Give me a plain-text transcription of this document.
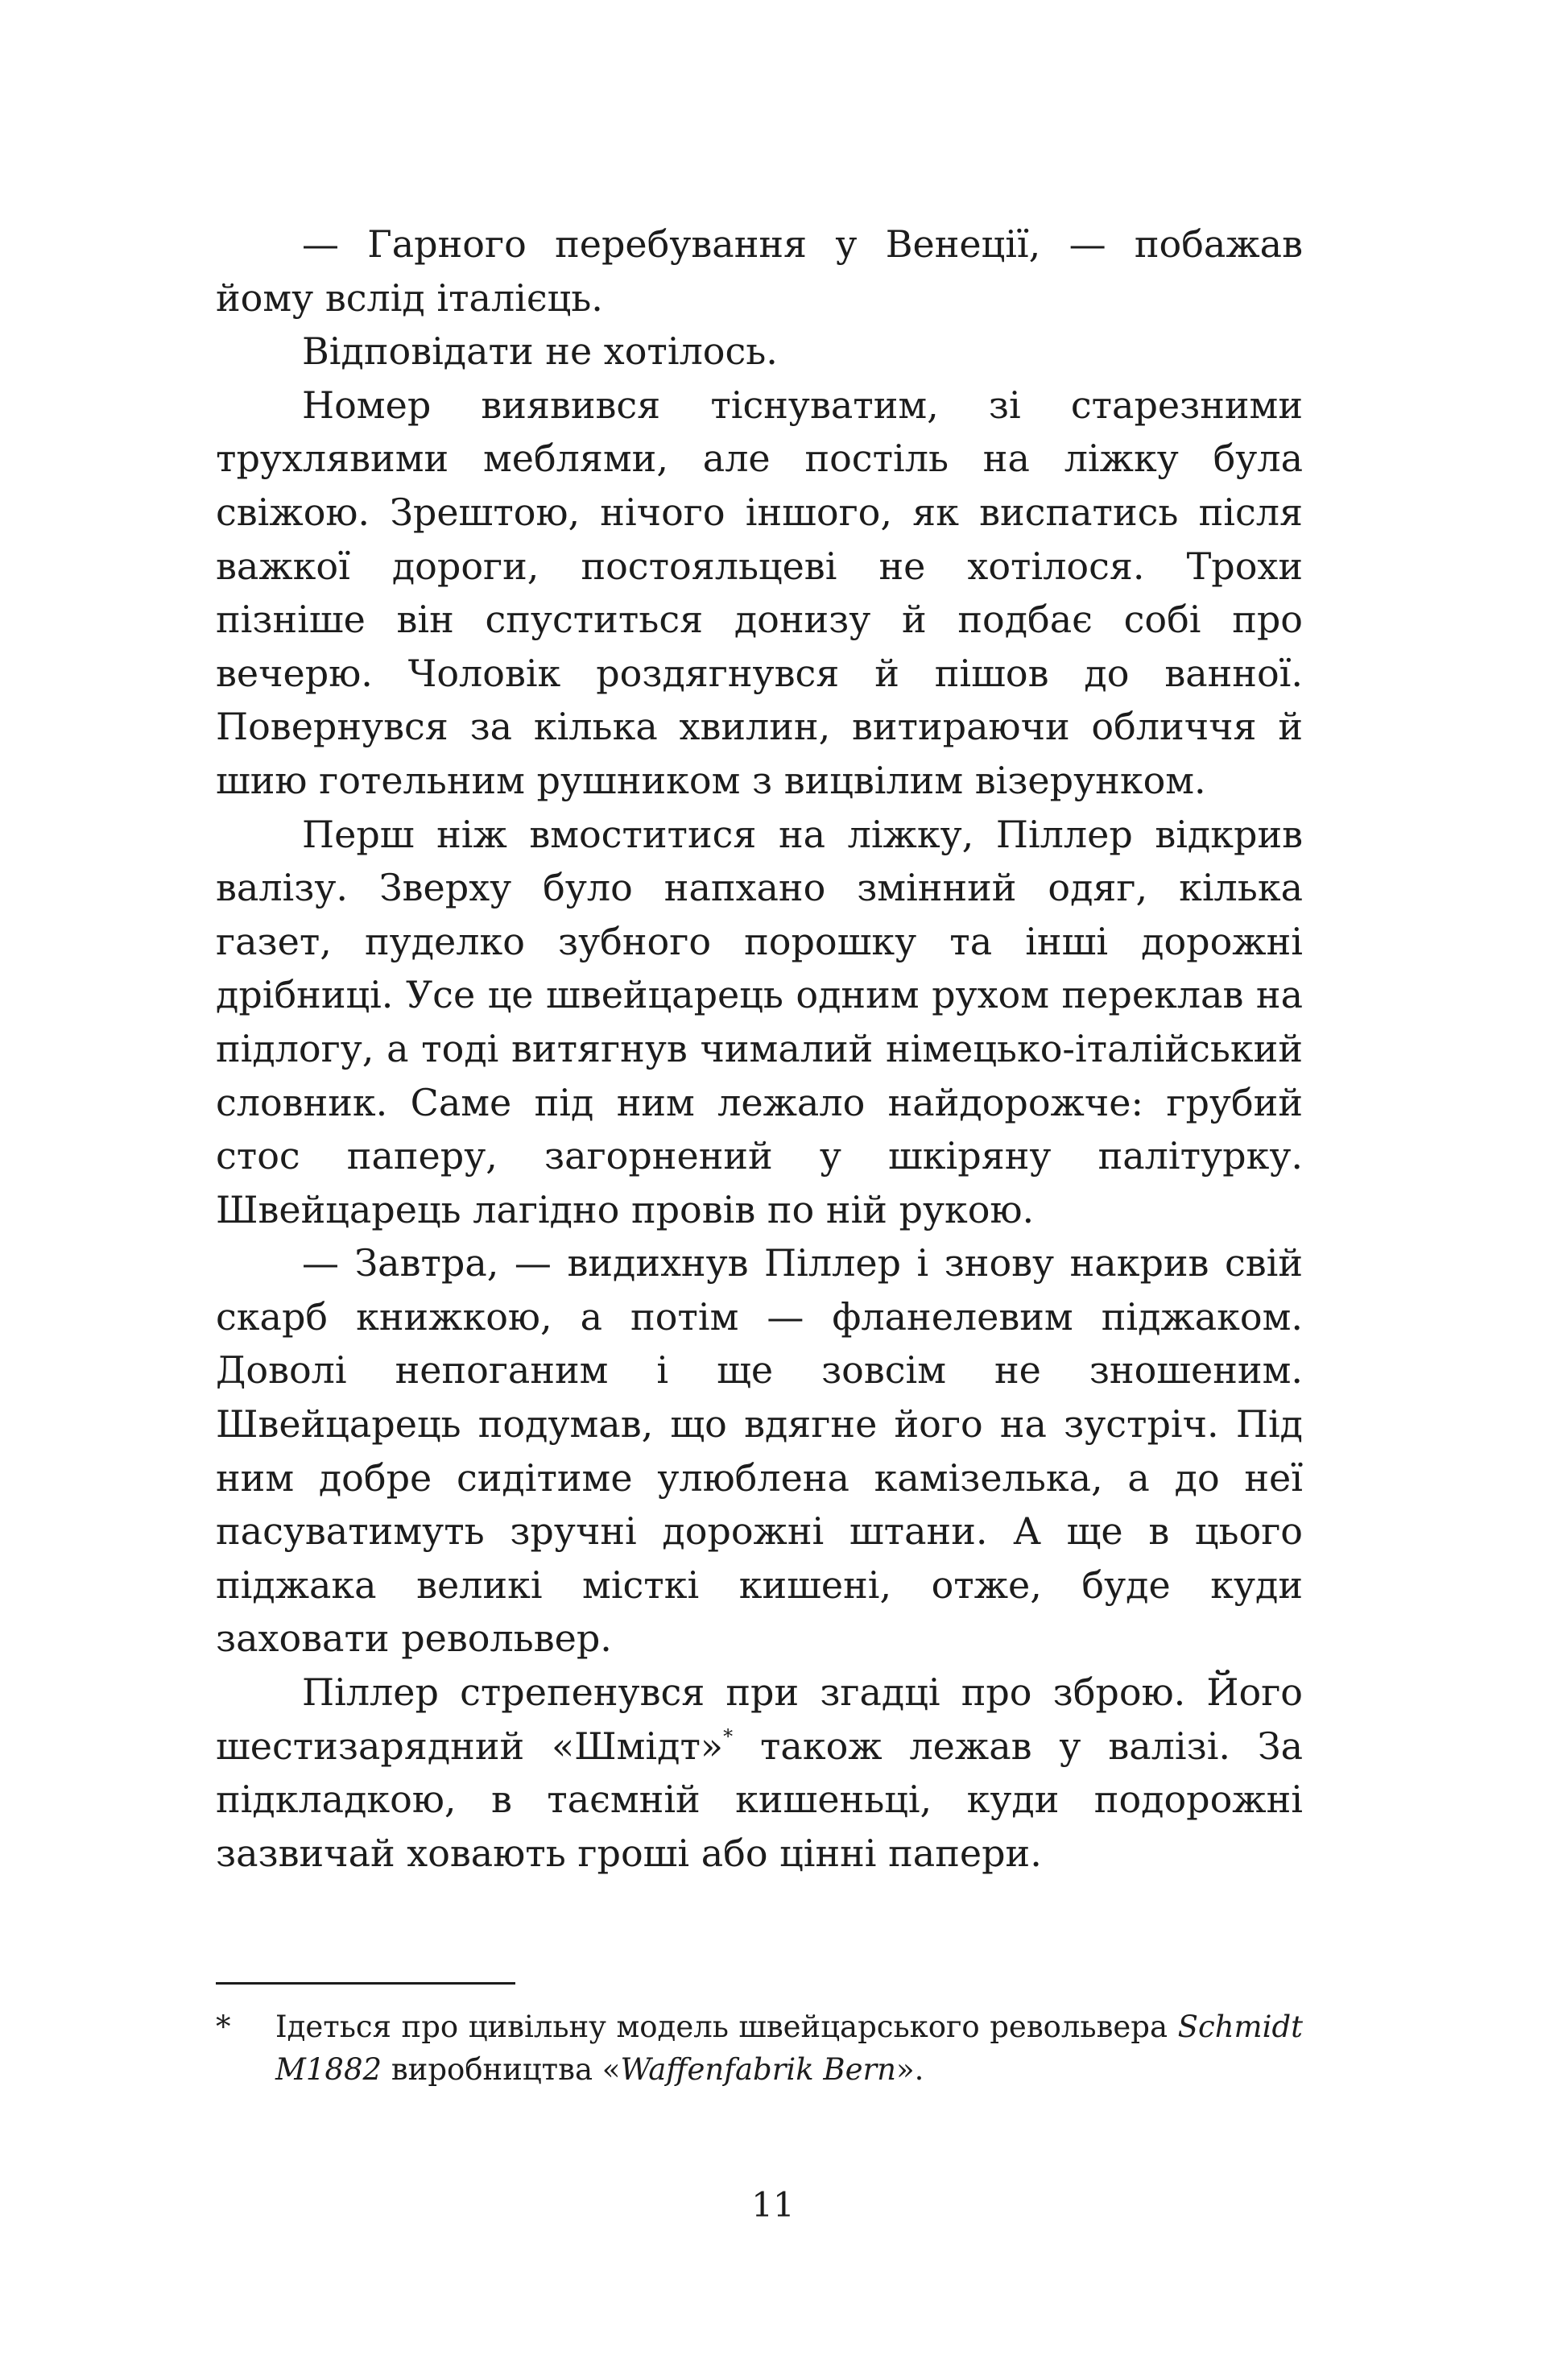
— Гарного перебування у Венеції, — побажав йому вслід італієць.

Відповідати не хотілось.

Номер виявився тіснуватим, зі старезними трухлявими меблями, але постіль на ліжку була свіжою. Зрештою, нічого іншого, як виспатись після важкої дороги, постояльцеві не хотілося. Трохи пізніше він спуститься донизу й подбає собі про вечерю. Чоловік роздягнувся й пішов до ванної. Повернувся за кілька хвилин, витираючи обличчя й шию готельним рушником з вицвілим візерунком.

Перш ніж вмоститися на ліжку, Піллер відкрив валізу. Зверху було напхано змінний одяг, кілька газет, пуделко зубного порошку та інші дорожні дрібниці. Усе це швейцарець одним рухом переклав на підлогу, а тоді витягнув чималий німецько-італійський словник. Саме під ним лежало найдорожче: грубий стос паперу, загорнений у шкіряну палітурку. Швейцарець лагідно провів по ній рукою.

— Завтра, — видихнув Піллер і знову накрив свій скарб книжкою, а потім — фланелевим піджаком. Доволі непоганим і ще зовсім не зношеним. Швейцарець подумав, що вдягне його на зустріч. Під ним добре сидітиме улюблена камізелька, а до неї пасуватимуть зручні дорожні штани. А ще в цього піджака великі місткі кишені, отже, буде куди заховати револьвер.

Піллер стрепенувся при згадці про зброю. Його шестизарядний «Шмідт»* також лежав у валізі. За підкладкою, в таємній кишеньці, куди подорожні зазвичай ховають гроші або цінні папери.

* Ідеться про цивільну модель швейцарського револьвера Schmidt M1882 виробництва «Waffenfabrik Bern».
11
